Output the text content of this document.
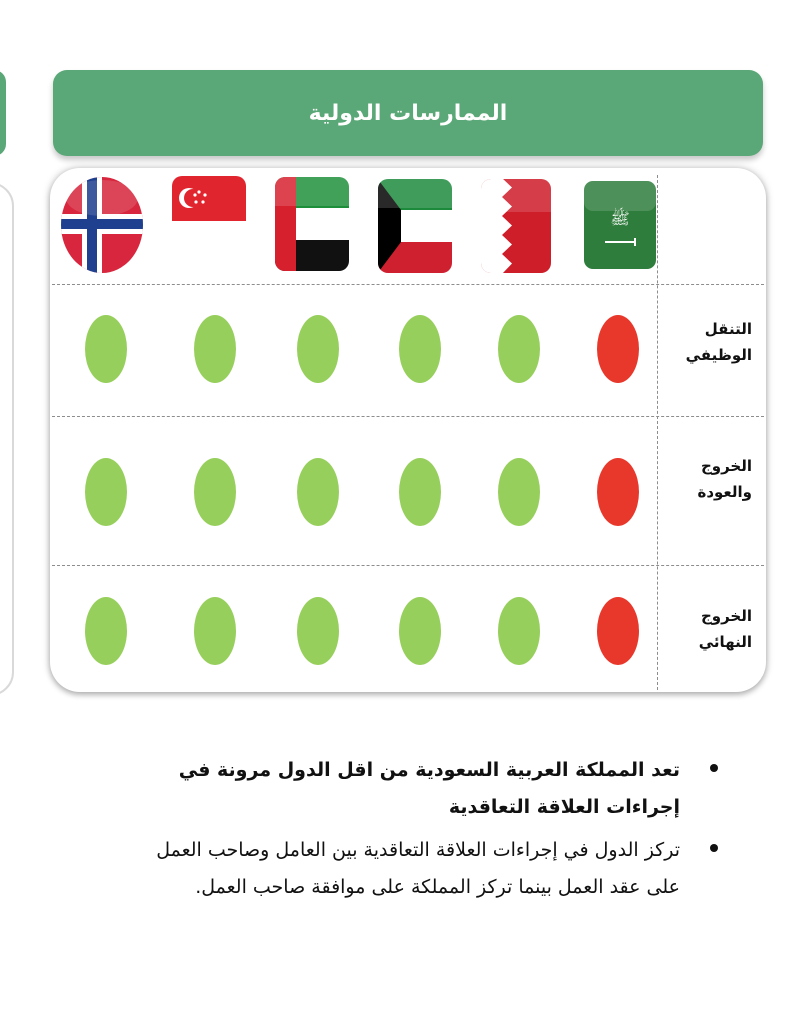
الممارسات الدولية
ﷺ
التنقل
الوظيفي
الخروج
والعودة
الخروج
النهائي
تعد المملكة العربية السعودية من اقل الدول مرونة في إجراءات العلاقة التعاقدية
تركز الدول في إجراءات العلاقة التعاقدية بين العامل وصاحب العمل على عقد العمل بينما تركز المملكة على موافقة صاحب العمل.
